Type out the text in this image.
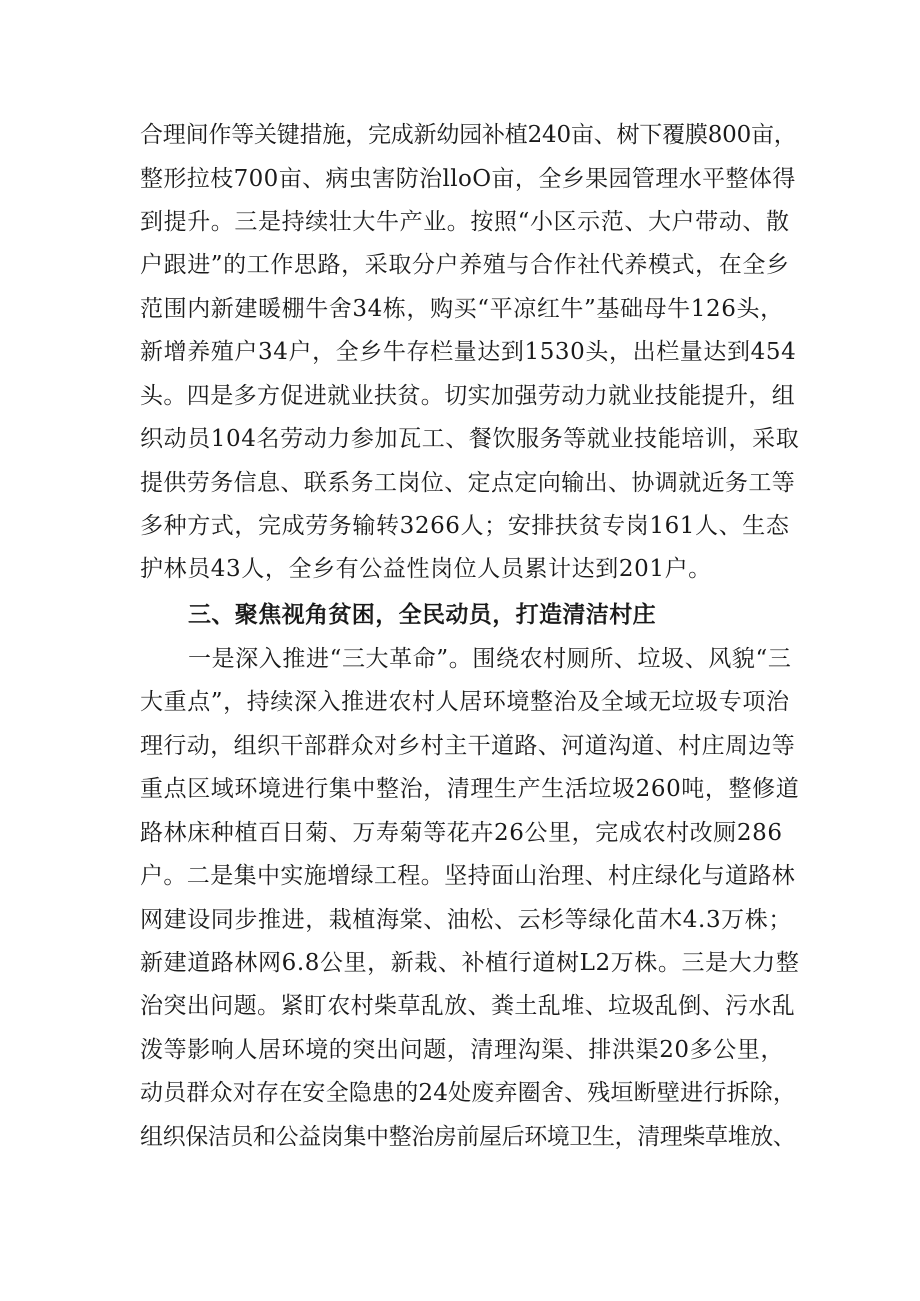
合理间作等关键措施，完成新幼园补植240亩、树下覆膜800亩，
整形拉枝700亩、病虫害防治lloO亩，全乡果园管理水平整体得
到提升。三是持续壮大牛产业。按照“小区示范、大户带动、散
户跟进”的工作思路，采取分户养殖与合作社代养模式，在全乡
范围内新建暖棚牛舍34栋，购买“平凉红牛”基础母牛126头，
新增养殖户34户，全乡牛存栏量达到1530头，出栏量达到454
头。四是多方促进就业扶贫。切实加强劳动力就业技能提升，组
织动员104名劳动力参加瓦工、餐饮服务等就业技能培训，采取
提供劳务信息、联系务工岗位、定点定向输出、协调就近务工等
多种方式，完成劳务输转3266人；安排扶贫专岗161人、生态
护林员43人，全乡有公益性岗位人员累计达到201户。
三、聚焦视角贫困，全民动员，打造清洁村庄
一是深入推进“三大革命”。围绕农村厕所、垃圾、风貌“三
大重点”，持续深入推进农村人居环境整治及全域无垃圾专项治
理行动，组织干部群众对乡村主干道路、河道沟道、村庄周边等
重点区域环境进行集中整治，清理生产生活垃圾260吨，整修道
路林床种植百日菊、万寿菊等花卉26公里，完成农村改厕286
户。二是集中实施增绿工程。坚持面山治理、村庄绿化与道路林
网建设同步推进，栽植海棠、油松、云杉等绿化苗木4.3万株；
新建道路林网6.8公里，新栽、补植行道树L2万株。三是大力整
治突出问题。紧盯农村柴草乱放、粪土乱堆、垃圾乱倒、污水乱
泼等影响人居环境的突出问题，清理沟渠、排洪渠20多公里，
动员群众对存在安全隐患的24处废弃圈舍、残垣断壁进行拆除，
组织保洁员和公益岗集中整治房前屋后环境卫生，清理柴草堆放、
